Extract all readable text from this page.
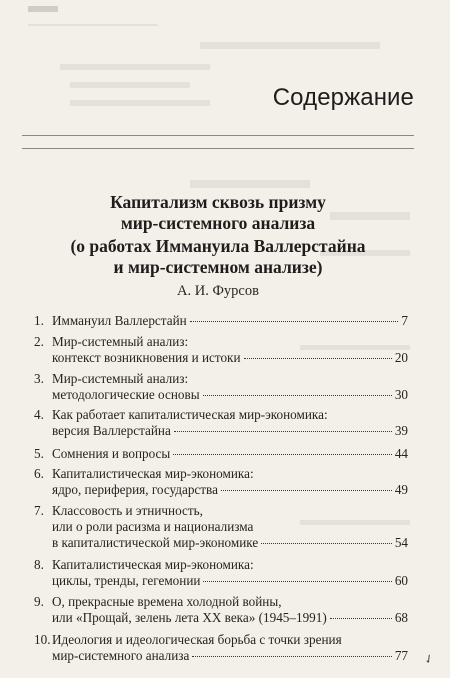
Содержание
Капитализм сквозь призму
мир-системного анализа
(о работах Иммануила Валлерстайна
и мир-системном анализе)
А. И. Фурсов
1. Иммануил Валлерстайн	7
2. Мир-системный анализ:
контекст возникновения и истоки	20
3. Мир-системный анализ:
методологические основы	30
4. Как работает капиталистическая мир-экономика:
версия Валлерстайна	39
5. Сомнения и вопросы	44
6. Капиталистическая мир-экономика:
ядро, периферия, государства	49
7. Классовость и этничность,
или о роли расизма и национализма
в капиталистической мир-экономике	54
8. Капиталистическая мир-экономика:
циклы, тренды, гегемонии	60
9. О, прекрасные времена холодной войны,
или «Прощай, зелень лета XX века» (1945–1991)	68
10. Идеология и идеологическая борьба с точки зрения
мир-системного анализа	77 ✓
